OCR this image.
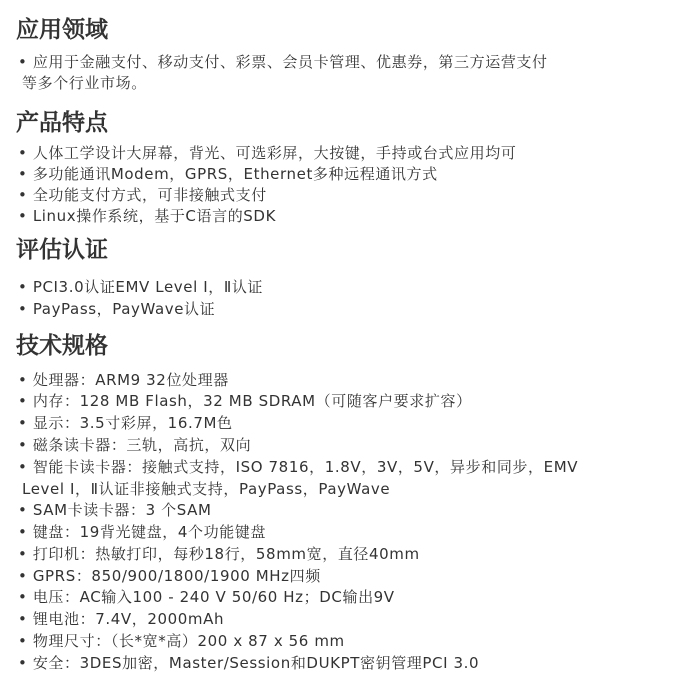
应用领域
• 应用于金融支付、移动支付、彩票、会员卡管理、优惠券，第三方运营支付
等多个行业市场。
产品特点
• 人体工学设计大屏幕，背光、可选彩屏，大按键，手持或台式应用均可
• 多功能通讯Modem，GPRS，Ethernet多种远程通讯方式
• 全功能支付方式，可非接触式支付
• Linux操作系统，基于C语言的SDK
评估认证
• PCI3.0认证EMV Level Ⅰ，Ⅱ认证
• PayPass，PayWave认证
技术规格
• 处理器：ARM9 32位处理器
• 内存：128 MB Flash，32 MB SDRAM（可随客户要求扩容）
• 显示：3.5寸彩屏，16.7M色
• 磁条读卡器：三轨，高抗，双向
• 智能卡读卡器：接触式支持，ISO 7816，1.8V，3V，5V，异步和同步，EMV
Level Ⅰ，Ⅱ认证非接触式支持，PayPass，PayWave
• SAM卡读卡器：3 个SAM
• 键盘：19背光键盘，4个功能键盘
• 打印机：热敏打印，每秒18行，58mm宽，直径40mm
• GPRS：850/900/1800/1900 MHz四频
• 电压：AC输入100 - 240 V 50/60 Hz；DC输出9V
• 锂电池：7.4V，2000mAh
• 物理尺寸：（长*宽*高）200 x 87 x 56 mm
• 安全：3DES加密，Master/Session和DUKPT密钥管理PCI 3.0
